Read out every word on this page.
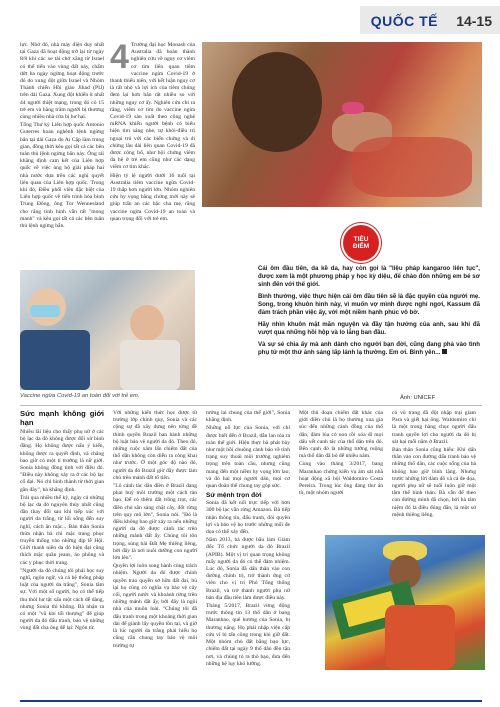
QUỐC TẾ 14-15

lực. Nhờ đó, nhà máy điện duy nhất tại Gaza đã hoạt động trở lại từ ngày 8/8 khi các xe tải chở xăng từ Israel có thể tiến vào vùng đất này, chấm dứt ba ngày ngừng hoạt động trước đó do xung đột giữa Israel và Nhóm Thánh chiến Hồi giáo Jihad (PIJ) trên dải Gaza. Xung đột khiến ít nhất 44 người thiệt mạng, trong đó có 15 trẻ em và hàng trăm người bị thương cùng nhiều nhà cửa bị hư hại.

Tổng Thư ký Liên hợp quốc Antonio Guterres hoan nghênh lệnh ngừng bắn tại dải Gaza do Ai Cập làm trung gian, đồng thời kêu gọi tất cả các bên tuân thủ lệnh ngừng bắn này. Ông tái khẳng định cam kết của Liên hợp quốc về việc ủng hộ giải pháp hai nhà nước dựa trên các nghị quyết liên quan của Liên hợp quốc. Trong khi đó, Điều phối viên đặc biệt của Liên hợp quốc về tiến trình hòa bình Trung Đông, ông Tor Wennesland cho rằng tình hình vẫn rất "mong manh" và kêu gọi tất cả các bên tuân thủ lệnh ngừng bắn.

4 Trường đại học Monash của Australia đã hoàn thành nghiên cứu về nguy cơ viêm cơ tim liên quan tiêm vaccine ngừa Covid-19 ở thanh thiếu niên, với kết luận nguy cơ là rất nhỏ và lợi ích của tiêm chủng đem lại hơn hẳn rất nhiều so với những nguy cơ ấy. Nghiên cứu chỉ ra rằng, viêm cơ tim do vaccine ngừa Covid-19 sản xuất theo công nghệ mRNA khiến người bệnh có biểu hiện tim sáng nhe, tự khỏi-điều trị ngoại trú với các biến chứng và di chứng lâu dài liên quan Covid-19 đã được công bố, như hội chứng viêm đa hệ ở trẻ em cũng như các dạng viêm cơ tim khác.

Hiện tỷ lệ người dưới 16 tuổi tại Australia tiêm vaccine ngừa Covid-19 thấp hơn người lớn. Nhóm nghiên cứu hy vọng bằng chứng mới này sẽ giúp trấn an các bậc cha mẹ, rằng vaccine ngừa Covid-19 an toàn và quan trọng đối với trẻ em.

Vaccine ngừa Covid-19 an toàn đối với trẻ em.
TIÊU
ĐIỂM

Cái ôm đầu tiên, da kề da, hay còn gọi là "liệu pháp kangaroo liên tục", được xem là một phương pháp y học kỳ diệu, để chào đón những em bé sơ sinh đến với thế giới.

Bình thường, việc thực hiện cái ôm đầu tiên sẽ là đặc quyền của người mẹ. Song, trong khuôn hình này, vì muốn vợ mình được nghỉ ngơi, Kassum đã đảm trách phần việc ấy, với một niềm hạnh phúc vô bờ.

Hãy nhìn khuôn mặt mãn nguyện và đầy tận hưởng của anh, sau khi đã vượt qua những hồi hộp và lo lắng ban đầu.

Và sự sẻ chia ấy mà anh dành cho người bạn đời, cũng đang phả vào tình phụ tử một thứ ánh sáng lấp lánh lạ thường. Em ơi. Bình yên...

Ảnh: UNICEF
Sức mạnh không giới hạn

Nhiều lãi liệu cho thấy phụ nữ ở các bộ lạc da đỏ không được đối xử bình đẳng. Họ không được nấu ý kiến, không được ra quyết định, và chẳng bao giờ có một tí trưởng là nữ giới. Sonia không đồng tình với điều đó. "Điều này không xảy ra ở các bộ lạc cổ đại. Nó chỉ hình thành từ thời gian gần đây", bà khẳng định.

Trải qua nhiều thế kỷ, ngày cả những bộ lạc da đỏ nguyên thủy nhất cũng dần thay đổi sau khi tiếp xúc với người da trắng, từ lối sống đến suy nghĩ, cách ăn mặc... Bản thân Sonia thừa nhận bà chỉ mặc trang phục truyền thống vào những dịp lễ Hội. Giới thanh niên da đỏ hiện đại cũng thích mặc quần jeans, áo phông và các y phục thời trang.

"Người da đỏ chúng tôi phải học suy nghĩ, ngôn ngữ, và cả hệ thống pháp luật của người da trắng", Sonia tâm sự. Với một số người, họ có thể tiếp thu thói hư tật xấu một cách dễ dàng, nhưng Sonia thì không. Bà nhận ra có một "vũ khí tối thượng" để giúp người da đỏ đấu tranh, bảo vệ những vùng đất cha ông để lại: Ngôn từ.

Với những kiến thức học được từ trường lớp chính quy, Sonia và các cộng sự đã xây dựng nên từng đề thỉnh quyền Brazil ban hành những bộ luật bảo vệ người da đỏ. Theo đó, những cuộc xâm lấn chiếm đất của thổ dân không còn diễn ra công khai như trước. Ở một góc độ nào đó, người da đỏ Brazil giờ đây được làm chủ trên mảnh đất tổ tiên.

"Lô cảnh tác dân điền ở Brazil đang phai huỷ môi trường một cách tàn bạo. Để có thêm đất trồng trọt, các điền chủ sẵn sàng chặt cây, đốt rừng trên quy mô lớn", Sonia nói. "Đó là điều không bao giờ xảy ra nếu những người da đỏ được cảnh tác trên những mảnh đất ấy. Chúng tôi tôn trọng, sùng bái Đất Mẹ thiêng liêng, bởi đây là nơi nuôi dưỡng con người lớn lên".

Quyền lợi luôn song hành cùng trách nhiệm. Người da đỏ được chính quyền trao quyền sở hữu đất đai, bù lại họ cũng có nghĩa vụ bảo vệ cây cối, người nước và khoảnh rừng trên những mảnh đất ấy, bởi đây là ngôi nhà của muôn loài. "Chúng tôi đã đấu tranh trong một khoảng thời gian dài để giành lấy quyền tồn tại, và giờ là lúc người da trắng phải hiểu họ cũng cần chung tay bảo vệ môi trường tự

tưởng lai chung của thế giới", Sonia khẳng định.

Những nỗ lực của Sonia, với chỉ được biết đến ở Brazil, dẫn lan tỏa ra toàn thế giới. Hiện thực bà phát bày như một hồi chuông cảnh báo về tình trạng suy thoái môi trường nghiêm trọng trên toàn cầu, nhưng cũng mang đến một niềm hy vọng lớn lao; và đó hai mọi người dân, mọi cơ quan đoàn thể chung tay góp sức.

Sứ mệnh trọn đời

Sonia đã kết nối trực tiếp với hơn 300 bộ lạc vẫn rừng Amazon. Bà tiếp nhận thông tin, đấu tranh, đòi quyền lợi và bảo vệ họ trước những mối đe dọa có thể xảy đến.

Năm 2013, bà được bầu làm Giám đốc Tổ chức người da đỏ Brazil (APIB). Một vị trí quan trọng không mấy người da đỏ có thể đảm nhiệm. Lúc đó, Sonia đã dấn thân vào con đường chính trị, trở thành ứng cử viên cho vị trí Phó Tổng thống Brazil, và trở thành người phụ nữ bản địa đầu tiên làm được điều này.

Tháng 5/2017, Brazil vừng động trước thông tin 13 thổ dân ở bang Maranhao, quê hương của Sonia, bị thương nặng. Họ phải nhập viện cấp cứu vì bị tấn công trong khi giữ đất. Một nhóm chủ đất bằng bạo lực, chiếm đất tại ngày 9 thổ dân đền tận nơi, và chúng tỏ ra thô bạo, đưa đến những hệ lụy khó lường.

Một thủ đoạn chiếm đất khác của giới điền chủ là họ thường xua gia súc đến những cánh đồng của thổ dân, đám lúa cỏ non rồi xóa đi mọi dấu vết canh tác của thổ dân trên đó. Bên cạnh đó là những tướng ruộng mà thổ dân đã bỏ để nhiều năm.

Cùng vào tháng 3/2017, bang Maranhao chứng kiến vụ ám sát nhà hoạt động xã hội Waldomiro Costa Pereira. Trong lúc ông đang thư án tù, một nhóm người

có vũ trang đã đột nhập trại giam Para và giết hại ông. Waldomiro chỉ là một trong hàng chục người đấu tranh quyền lợi cho người da đỏ bị sát hại mỗi năm ở Brazil.

Bản thân Sonia cũng hiểu: Khi dấn thân vào con đường đấu tranh bảo vệ những thổ dân, các cuộc sống của bà không bao giờ bình lặng. Nhưng trước những lời dàm dồ và cả đe dọa, người phụ nữ sẽ tuổi luôn giữ một tâm thế bình thản. Bà vẫn để theo con đường mình đã chọn, bởi bà tâm niệm đó là điều đúng đắn, là một sứ mệnh thiêng liêng.
